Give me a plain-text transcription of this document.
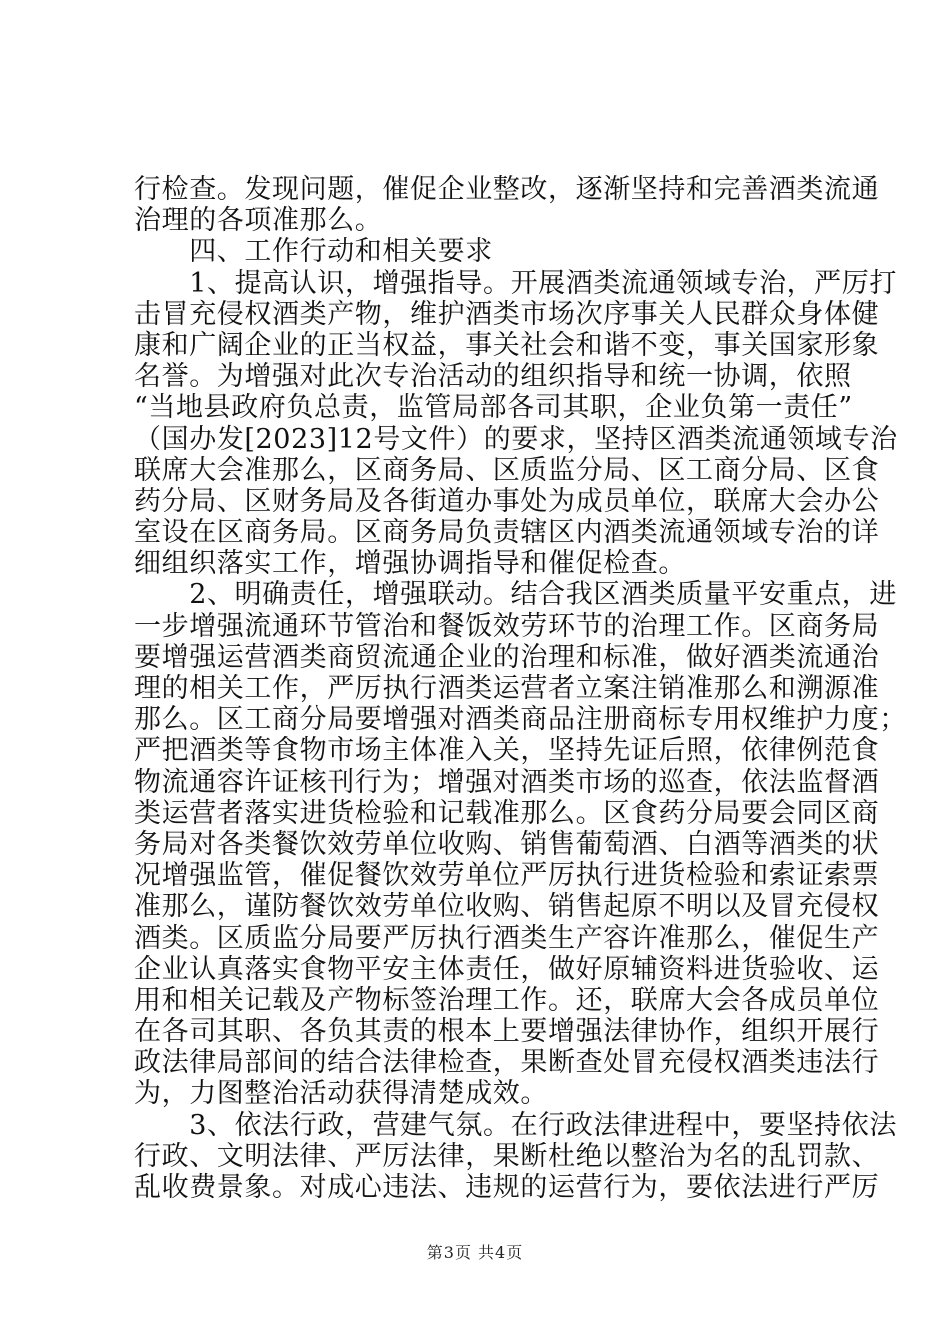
行检查。发现问题，催促企业整改，逐渐坚持和完善酒类流通
治理的各项准那么。
　　四、工作行动和相关要求
　　1、提高认识，增强指导。开展酒类流通领域专治，严厉打
击冒充侵权酒类产物，维护酒类市场次序事关人民群众身体健
康和广阔企业的正当权益，事关社会和谐不变，事关国家形象
名誉。为增强对此次专治活动的组织指导和统一协调，依照
“当地县政府负总责，监管局部各司其职，企业负第一责任”
（国办发[2023]12号文件）的要求，坚持区酒类流通领域专治
联席大会准那么，区商务局、区质监分局、区工商分局、区食
药分局、区财务局及各街道办事处为成员单位，联席大会办公
室设在区商务局。区商务局负责辖区内酒类流通领域专治的详
细组织落实工作，增强协调指导和催促检查。
　　2、明确责任，增强联动。结合我区酒类质量平安重点，进
一步增强流通环节管治和餐饭效劳环节的治理工作。区商务局
要增强运营酒类商贸流通企业的治理和标准，做好酒类流通治
理的相关工作，严厉执行酒类运营者立案注销准那么和溯源准
那么。区工商分局要增强对酒类商品注册商标专用权维护力度；
严把酒类等食物市场主体准入关，坚持先证后照，依律例范食
物流通容许证核刊行为；增强对酒类市场的巡查，依法监督酒
类运营者落实进货检验和记载准那么。区食药分局要会同区商
务局对各类餐饮效劳单位收购、销售葡萄酒、白酒等酒类的状
况增强监管，催促餐饮效劳单位严厉执行进货检验和索证索票
准那么，谨防餐饮效劳单位收购、销售起原不明以及冒充侵权
酒类。区质监分局要严厉执行酒类生产容许准那么，催促生产
企业认真落实食物平安主体责任，做好原辅资料进货验收、运
用和相关记载及产物标签治理工作。还，联席大会各成员单位
在各司其职、各负其责的根本上要增强法律协作，组织开展行
政法律局部间的结合法律检查，果断查处冒充侵权酒类违法行
为，力图整治活动获得清楚成效。
　　3、依法行政，营建气氛。在行政法律进程中，要坚持依法
行政、文明法律、严厉法律，果断杜绝以整治为名的乱罚款、
乱收费景象。对成心违法、违规的运营行为，要依法进行严厉
第3页 共4页
